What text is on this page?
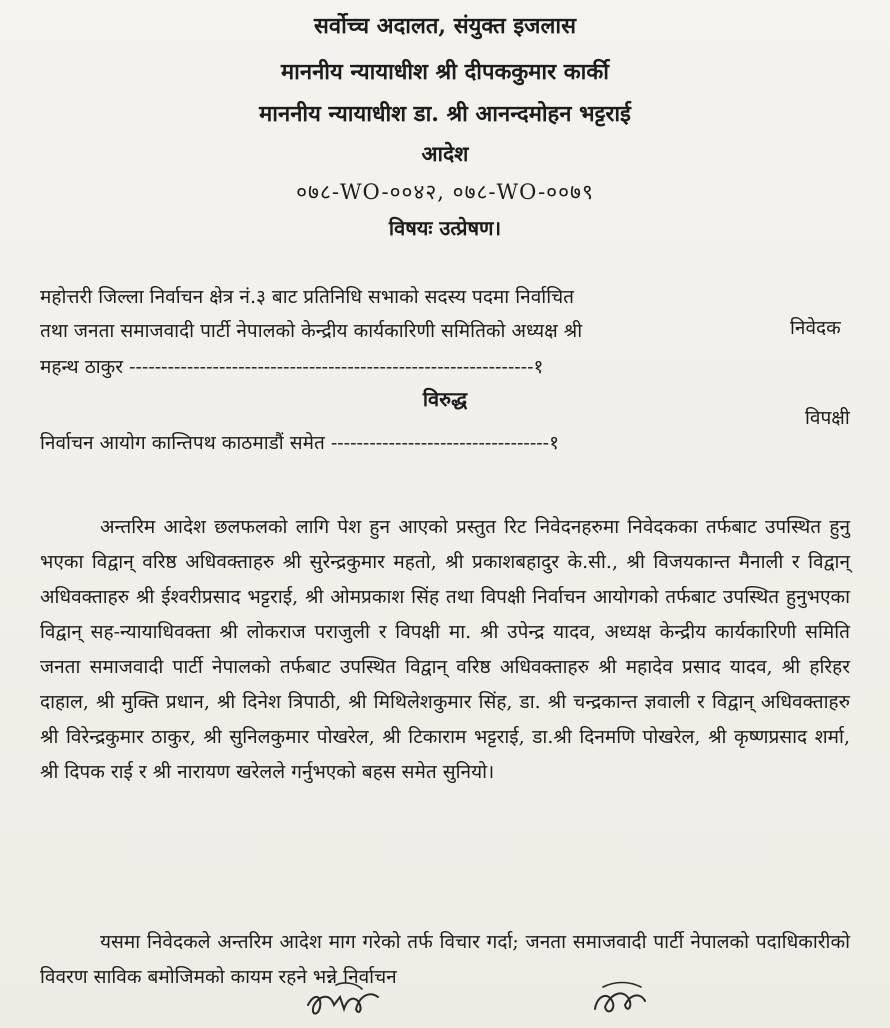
सर्वोच्च अदालत, संयुक्त इजलास
माननीय न्यायाधीश श्री दीपककुमार कार्की
माननीय न्यायाधीश डा. श्री आनन्दमोहन भट्टराई
आदेश
०७८-WO-००४२, ०७८-WO-००७९
विषयः उत्प्रेषण।
महोत्तरी जिल्ला निर्वाचन क्षेत्र नं.३ बाट प्रतिनिधि सभाको सदस्य पदमा निर्वाचित
तथा जनता समाजवादी पार्टी नेपालको केन्द्रीय कार्यकारिणी समितिको अध्यक्ष श्री	निवेदक
महन्थ ठाकुर ---------------------------------------------------------------१
विरुद्ध
विपक्षी
निर्वाचन आयोग कान्तिपथ काठमाडौं समेत ----------------------------------१
अन्तरिम आदेश छलफलको लागि पेश हुन आएको प्रस्तुत रिट निवेदनहरुमा निवेदकका तर्फबाट उपस्थित हुनु भएका विद्वान् वरिष्ठ अधिवक्ताहरु श्री सुरेन्द्रकुमार महतो, श्री प्रकाशबहादुर के.सी., श्री विजयकान्त मैनाली र विद्वान् अधिवक्ताहरु श्री ईश्वरीप्रसाद भट्टराई, श्री ओमप्रकाश सिंह तथा विपक्षी निर्वाचन आयोगको तर्फबाट उपस्थित हुनुभएका विद्वान् सह-न्यायाधिवक्ता श्री लोकराज पराजुली र विपक्षी मा. श्री उपेन्द्र यादव, अध्यक्ष केन्द्रीय कार्यकारिणी समिति जनता समाजवादी पार्टी नेपालको तर्फबाट उपस्थित विद्वान् वरिष्ठ अधिवक्ताहरु श्री महादेव प्रसाद यादव, श्री हरिहर दाहाल, श्री मुक्ति प्रधान, श्री दिनेश त्रिपाठी, श्री मिथिलेशकुमार सिंह, डा. श्री चन्द्रकान्त ज्ञवाली र विद्वान् अधिवक्ताहरु श्री विरेन्द्रकुमार ठाकुर, श्री सुनिलकुमार पोखरेल, श्री टिकाराम भट्टराई, डा.श्री दिनमणि पोखरेल, श्री कृष्णप्रसाद शर्मा, श्री दिपक राई र श्री नारायण खरेलले गर्नुभएको बहस समेत सुनियो।
यसमा निवेदकले अन्तरिम आदेश माग गरेको तर्फ विचार गर्दा; जनता समाजवादी पार्टी नेपालको पदाधिकारीको विवरण साविक बमोजिमको कायम रहने भन्ने निर्वाचन
